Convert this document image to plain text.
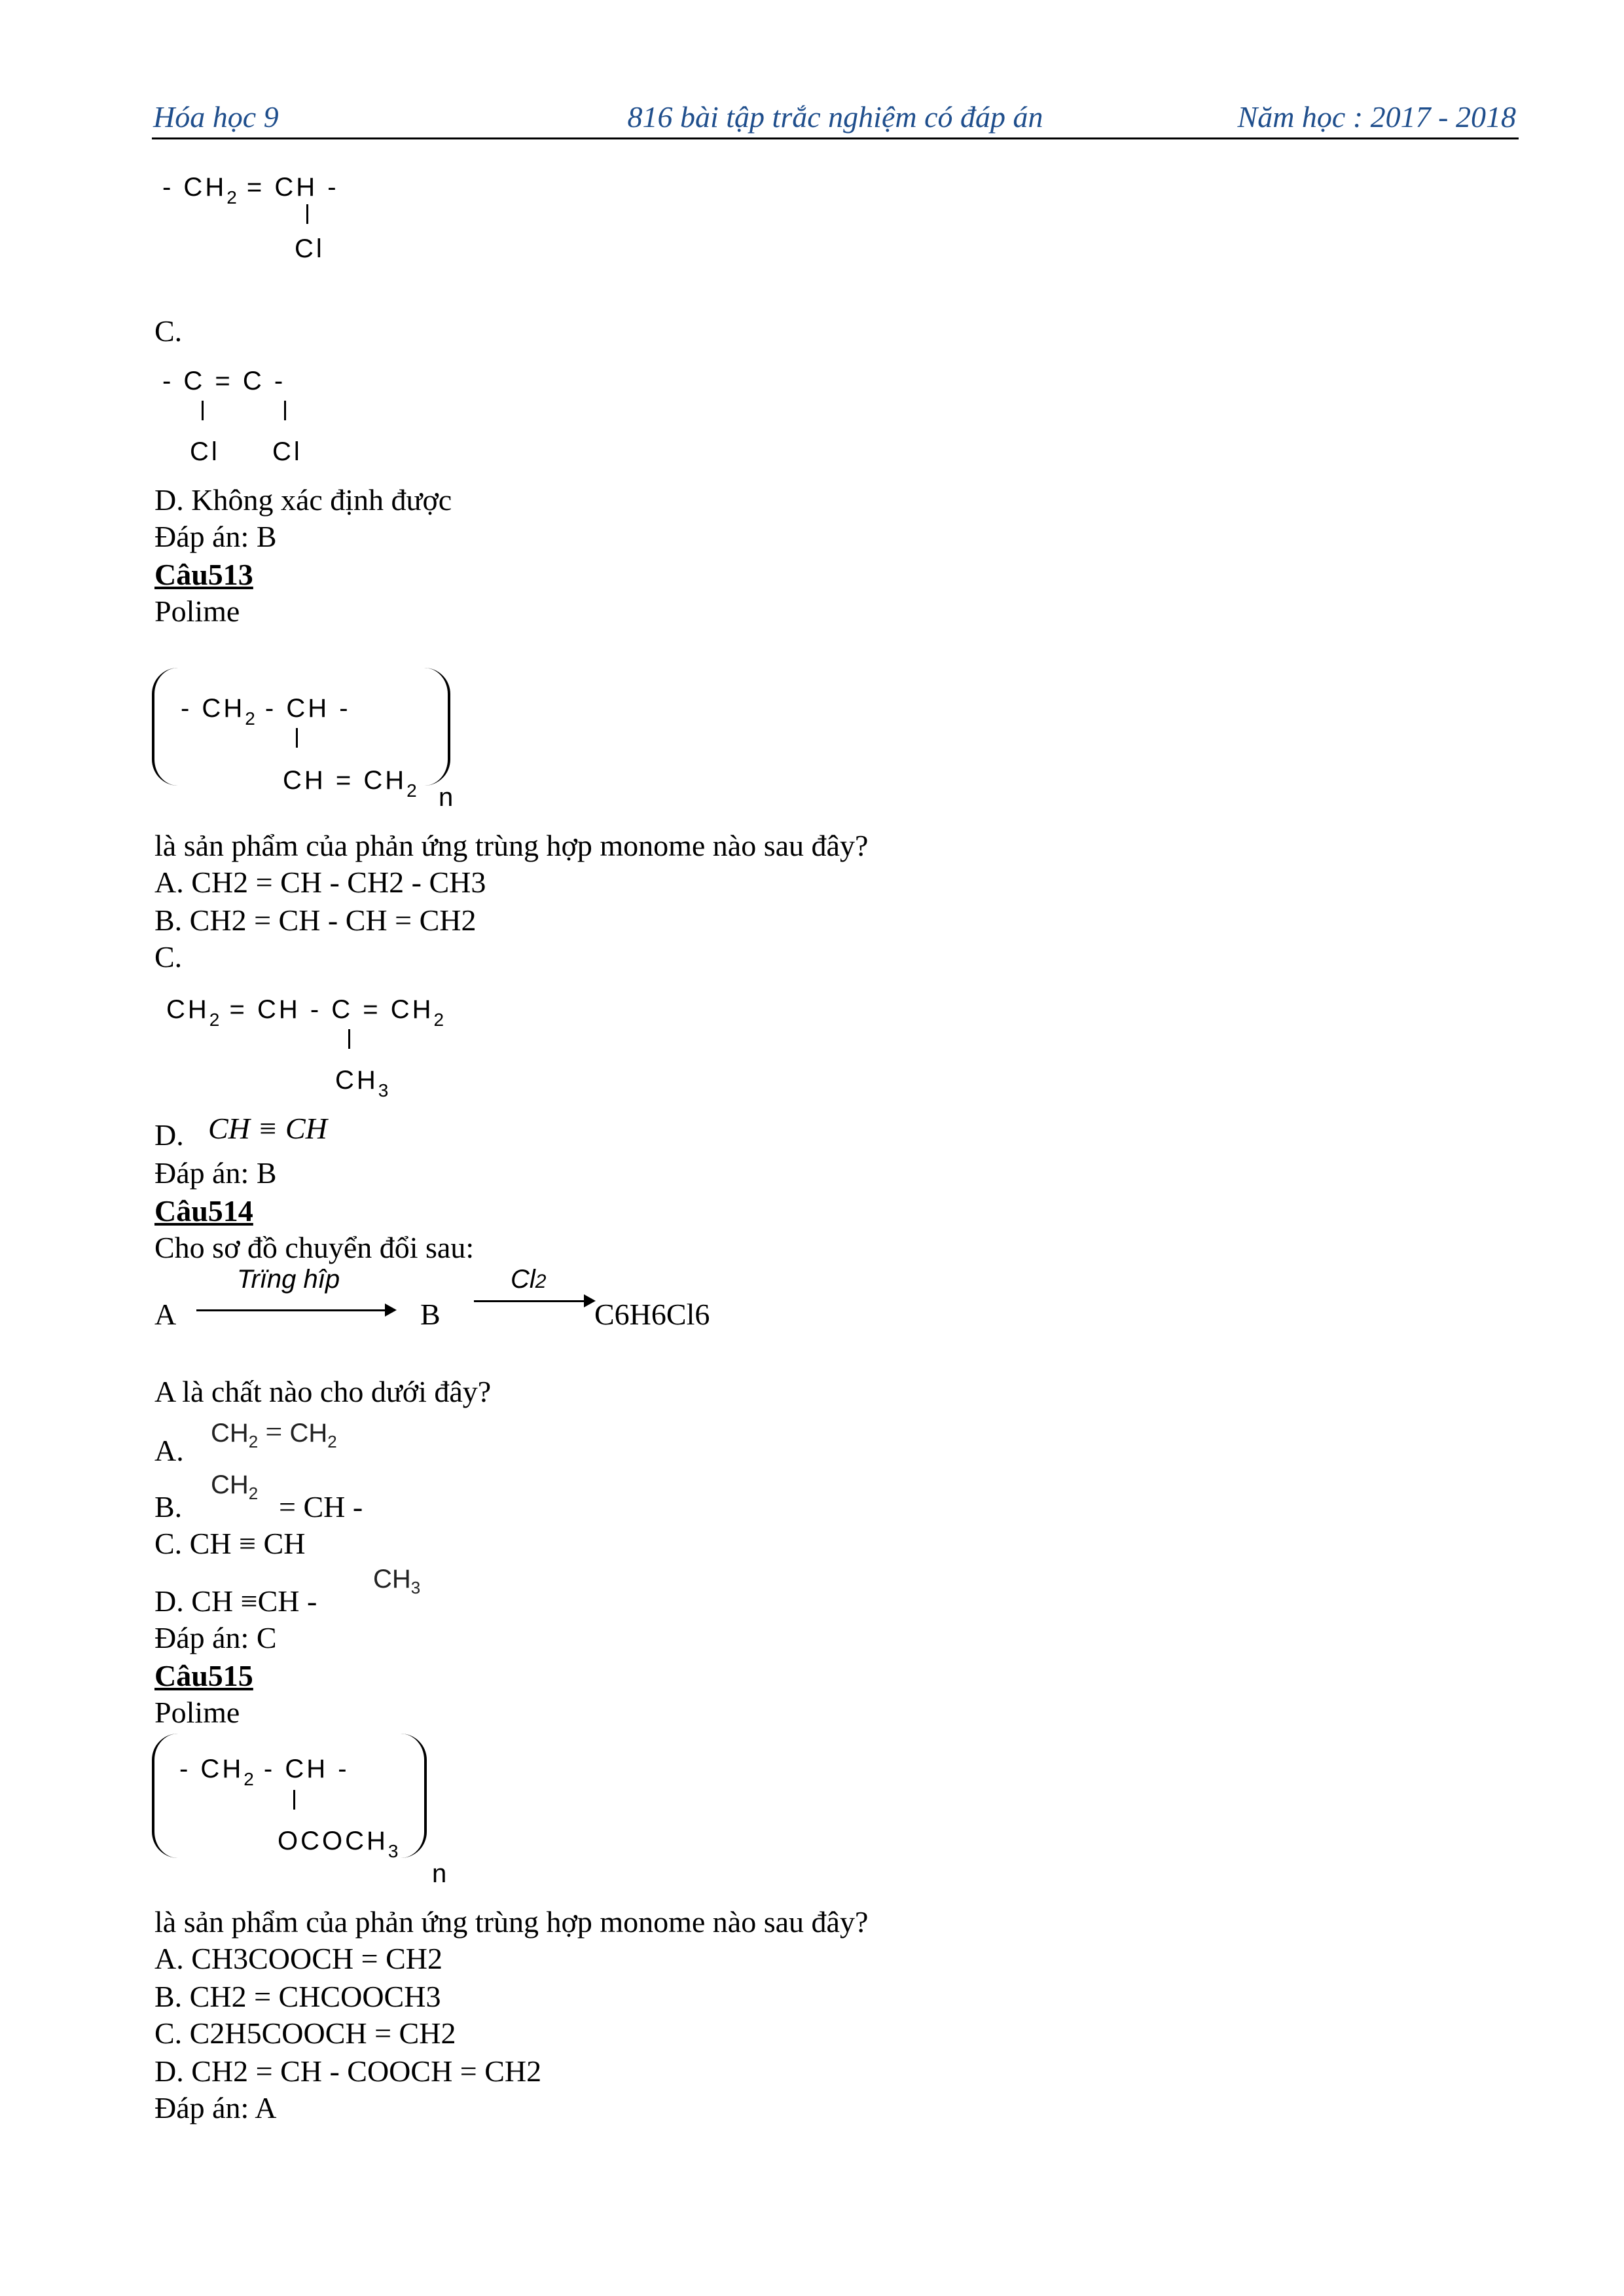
Hóa học 9	816 bài tập trắc nghiệm có đáp án	Năm học : 2017 - 2018
- $CH_2$ = CH -
Cl
C.
- C = C -
Cl Cl
D. Không xác định được
Đáp án: B
Câu513
Polime
- $CH_2$ - CH -
CH = $CH_2$ n
là sản phẩm của phản ứng trùng hợp monome nào sau đây?
A. CH2 = CH - CH2 - CH3
B. CH2 = CH - CH = CH2
C.
$CH_2$ = CH - $C = CH_2$
$CH_3$
D. CH ≡ CH
Đáp án: B
Câu514
Cho sơ đồ chuyển đổi sau:
A
Trïng hîp
B
Cl2
C6H6Cl6
A là chất nào cho dưới đây?
A.
$CH_2 = CH_2$
B.
$CH_2$ = CH -
C. CH ≡ CH
D. CH ≡CH -
$CH_3$
Đáp án: C
Câu515
Polime
- $CH_2$ - CH -
$OCOCH_3$
n
là sản phẩm của phản ứng trùng hợp monome nào sau đây?
A. CH3COOCH = CH2
B. CH2 = CHCOOCH3
C. C2H5COOCH = CH2
D. CH2 = CH - COOCH = CH2
Đáp án: A
